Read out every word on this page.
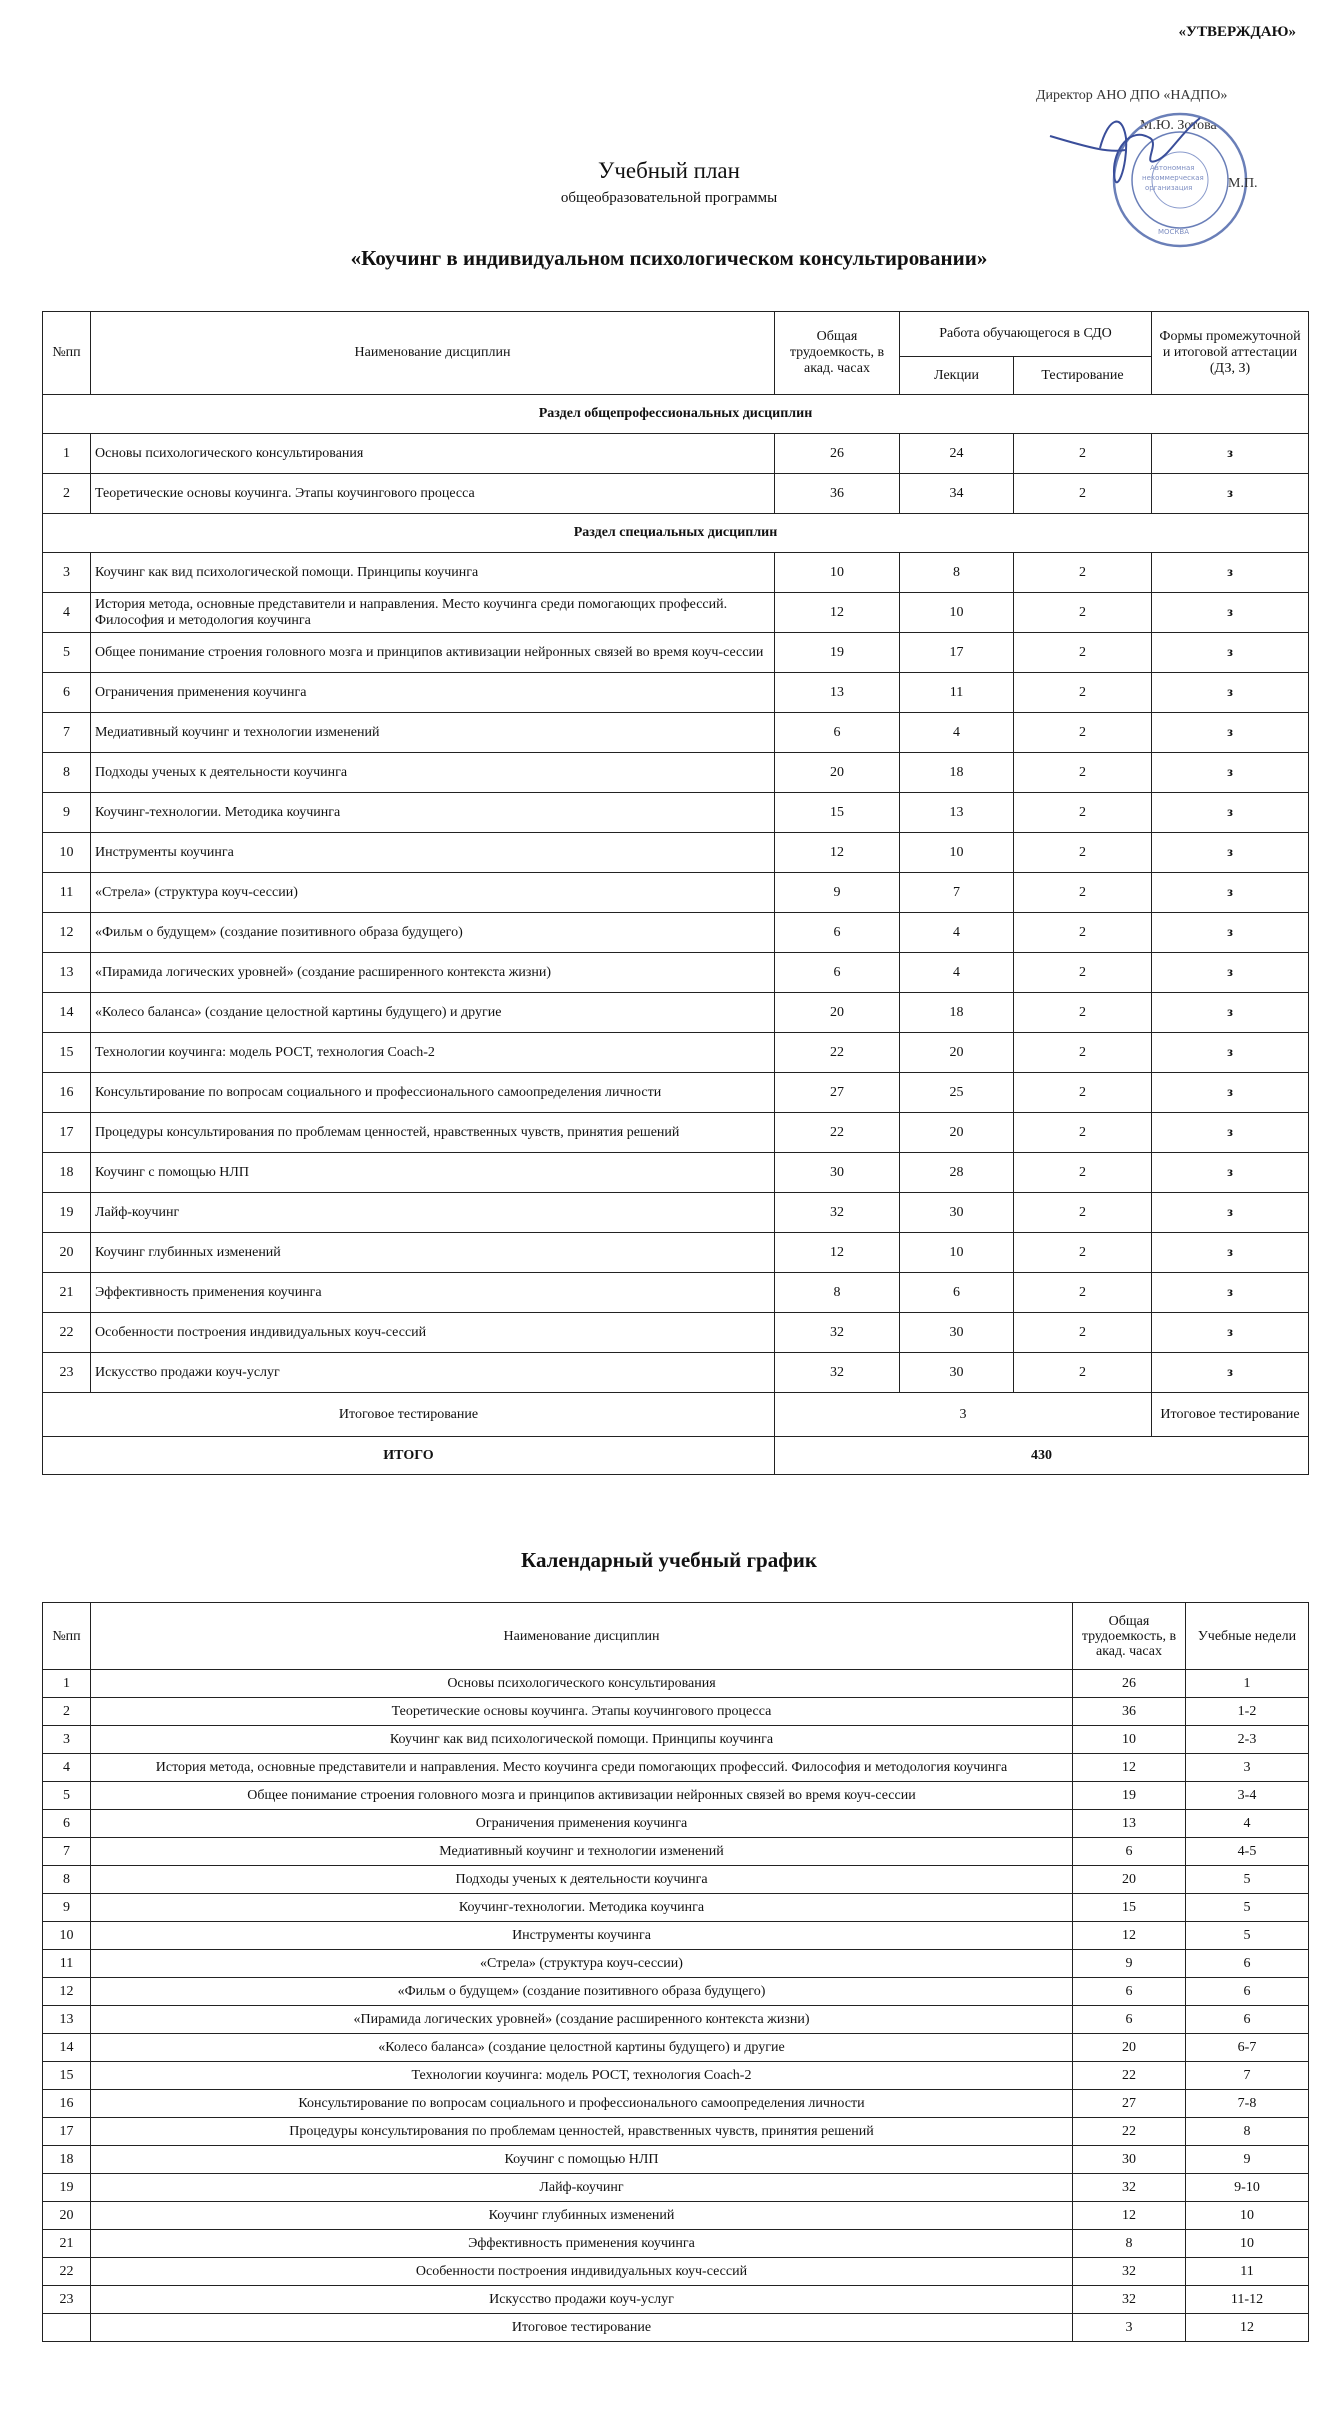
«УТВЕРЖДАЮ»
Директор АНО ДПО «НАДПО»
М.Ю. Зотова
Автономная
некоммерческая
организация
МОСКВА
М.П.
Учебный план
общеобразовательной программы
«Коучинг в индивидуальном психологическом консультировании»
№пп	Наименование дисциплин	Общая трудоемкость, в акад. часах	Работа обучающегося в СДО		Формы промежуточной и итоговой аттестации (ДЗ, З)
			Лекции	Тестирование	
Раздел общепрофессиональных дисциплин					
1	Основы психологического консультирования	26	24	2	з
2	Теоретические основы коучинга. Этапы коучингового процесса	36	34	2	з
Раздел специальных дисциплин					
3	Коучинг как вид психологической помощи. Принципы коучинга	10	8	2	з
4	История метода, основные представители и направления. Место коучинга среди помогающих профессий. Философия и методология коучинга	12	10	2	з
5	Общее понимание строения головного мозга и принципов активизации нейронных связей во время коуч-сессии	19	17	2	з
6	Ограничения применения коучинга	13	11	2	з
7	Медиативный коучинг и технологии изменений	6	4	2	з
8	Подходы ученых к деятельности коучинга	20	18	2	з
9	Коучинг-технологии. Методика коучинга	15	13	2	з
10	Инструменты коучинга	12	10	2	з
11	«Стрела» (структура коуч-сессии)	9	7	2	з
12	«Фильм о будущем» (создание позитивного образа будущего)	6	4	2	з
13	«Пирамида логических уровней» (создание расширенного контекста жизни)	6	4	2	з
14	«Колесо баланса» (создание целостной картины будущего) и другие	20	18	2	з
15	Технологии коучинга: модель РОСТ, технология Coach-2	22	20	2	з
16	Консультирование по вопросам социального и профессионального самоопределения личности	27	25	2	з
17	Процедуры консультирования по проблемам ценностей, нравственных чувств, принятия решений	22	20	2	з
18	Коучинг с помощью НЛП	30	28	2	з
19	Лайф-коучинг	32	30	2	з
20	Коучинг глубинных изменений	12	10	2	з
21	Эффективность применения коучинга	8	6	2	з
22	Особенности построения индивидуальных коуч-сессий	32	30	2	з
23	Искусство продажи коуч-услуг	32	30	2	з
Итоговое тестирование		3			Итоговое тестирование
ИТОГО		430			
Календарный учебный график
№пп	Наименование дисциплин	Общая трудоемкость, в акад. часах	Учебные недели
1	Основы психологического консультирования	26	1
2	Теоретические основы коучинга. Этапы коучингового процесса	36	1-2
3	Коучинг как вид психологической помощи. Принципы коучинга	10	2-3
4	История метода, основные представители и направления. Место коучинга среди помогающих профессий. Философия и методология коучинга	12	3
5	Общее понимание строения головного мозга и принципов активизации нейронных связей во время коуч-сессии	19	3-4
6	Ограничения применения коучинга	13	4
7	Медиативный коучинг и технологии изменений	6	4-5
8	Подходы ученых к деятельности коучинга	20	5
9	Коучинг-технологии. Методика коучинга	15	5
10	Инструменты коучинга	12	5
11	«Стрела» (структура коуч-сессии)	9	6
12	«Фильм о будущем» (создание позитивного образа будущего)	6	6
13	«Пирамида логических уровней» (создание расширенного контекста жизни)	6	6
14	«Колесо баланса» (создание целостной картины будущего) и другие	20	6-7
15	Технологии коучинга: модель РОСТ, технология Coach-2	22	7
16	Консультирование по вопросам социального и профессионального самоопределения личности	27	7-8
17	Процедуры консультирования по проблемам ценностей, нравственных чувств, принятия решений	22	8
18	Коучинг с помощью НЛП	30	9
19	Лайф-коучинг	32	9-10
20	Коучинг глубинных изменений	12	10
21	Эффективность применения коучинга	8	10
22	Особенности построения индивидуальных коуч-сессий	32	11
23	Искусство продажи коуч-услуг	32	11-12
	Итоговое тестирование	3	12
